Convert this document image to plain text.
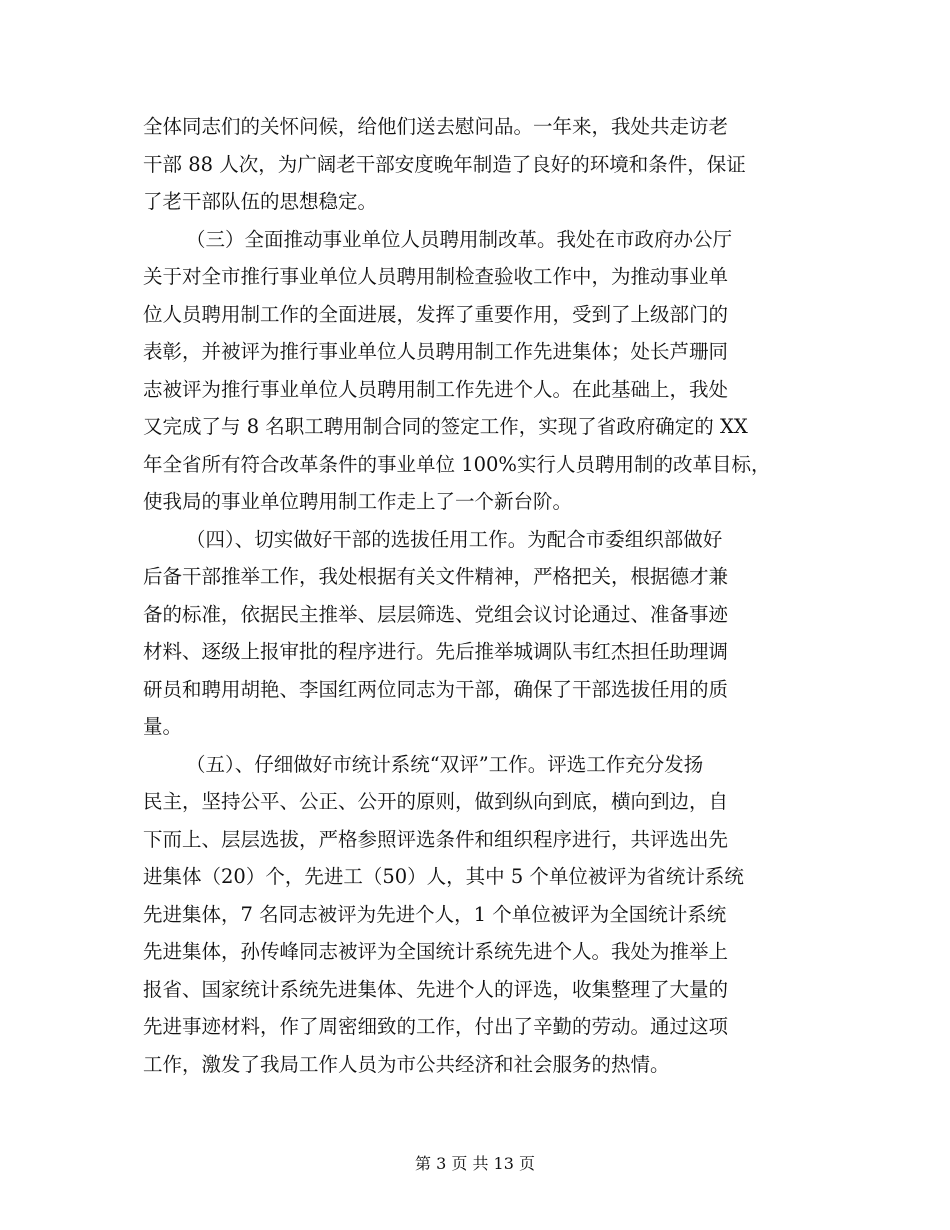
全体同志们的关怀问候，给他们送去慰问品。一年来，我处共走访老
干部 88 人次，为广阔老干部安度晚年制造了良好的环境和条件，保证
了老干部队伍的思想稳定。
（三）全面推动事业单位人员聘用制改革。我处在市政府办公厅
关于对全市推行事业单位人员聘用制检查验收工作中，为推动事业单
位人员聘用制工作的全面进展，发挥了重要作用，受到了上级部门的
表彰，并被评为推行事业单位人员聘用制工作先进集体；处长芦珊同
志被评为推行事业单位人员聘用制工作先进个人。在此基础上，我处
又完成了与 8 名职工聘用制合同的签定工作，实现了省政府确定的 XX
年全省所有符合改革条件的事业单位 100%实行人员聘用制的改革目标，
使我局的事业单位聘用制工作走上了一个新台阶。
（四）、切实做好干部的选拔任用工作。为配合市委组织部做好
后备干部推举工作，我处根据有关文件精神，严格把关，根据德才兼
备的标准，依据民主推举、层层筛选、党组会议讨论通过、准备事迹
材料、逐级上报审批的程序进行。先后推举城调队韦红杰担任助理调
研员和聘用胡艳、李国红两位同志为干部，确保了干部选拔任用的质
量。
（五）、仔细做好市统计系统“双评”工作。评选工作充分发扬
民主，坚持公平、公正、公开的原则，做到纵向到底，横向到边，自
下而上、层层选拔，严格参照评选条件和组织程序进行，共评选出先
进集体（20）个，先进工（50）人，其中 5 个单位被评为省统计系统
先进集体，7 名同志被评为先进个人，1 个单位被评为全国统计系统
先进集体，孙传峰同志被评为全国统计系统先进个人。我处为推举上
报省、国家统计系统先进集体、先进个人的评选，收集整理了大量的
先进事迹材料，作了周密细致的工作，付出了辛勤的劳动。通过这项
工作，激发了我局工作人员为市公共经济和社会服务的热情。
第 3 页 共 13 页
